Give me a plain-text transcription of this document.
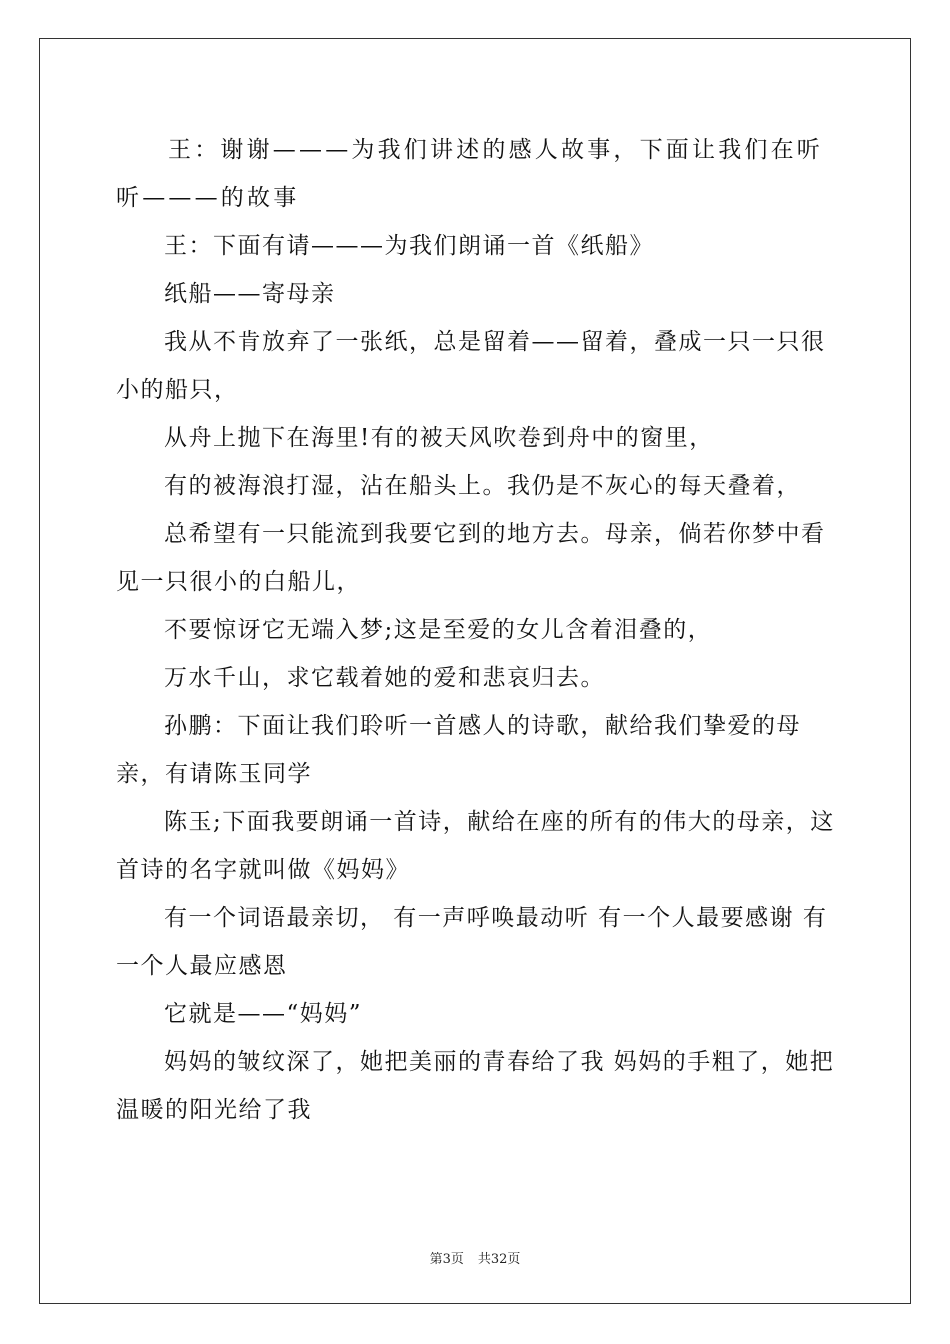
王：谢谢———为我们讲述的感人故事，下面让我们在听听———的故事

王：下面有请———为我们朗诵一首《纸船》

纸船——寄母亲

我从不肯放弃了一张纸，总是留着——留着，叠成一只一只很小的船只，

从舟上抛下在海里!有的被天风吹卷到舟中的窗里，

有的被海浪打湿，沾在船头上。我仍是不灰心的每天叠着，

总希望有一只能流到我要它到的地方去。母亲，倘若你梦中看见一只很小的白船儿，

不要惊讶它无端入梦;这是至爱的女儿含着泪叠的，

万水千山，求它载着她的爱和悲哀归去。

孙鹏：下面让我们聆听一首感人的诗歌，献给我们挚爱的母亲，有请陈玉同学

陈玉;下面我要朗诵一首诗，献给在座的所有的伟大的母亲，这首诗的名字就叫做《妈妈》

有一个词语最亲切， 有一声呼唤最动听 有一个人最要感谢 有一个人最应感恩

它就是——“妈妈”

妈妈的皱纹深了，她把美丽的青春给了我 妈妈的手粗了，她把温暖的阳光给了我

第3页 共32页
